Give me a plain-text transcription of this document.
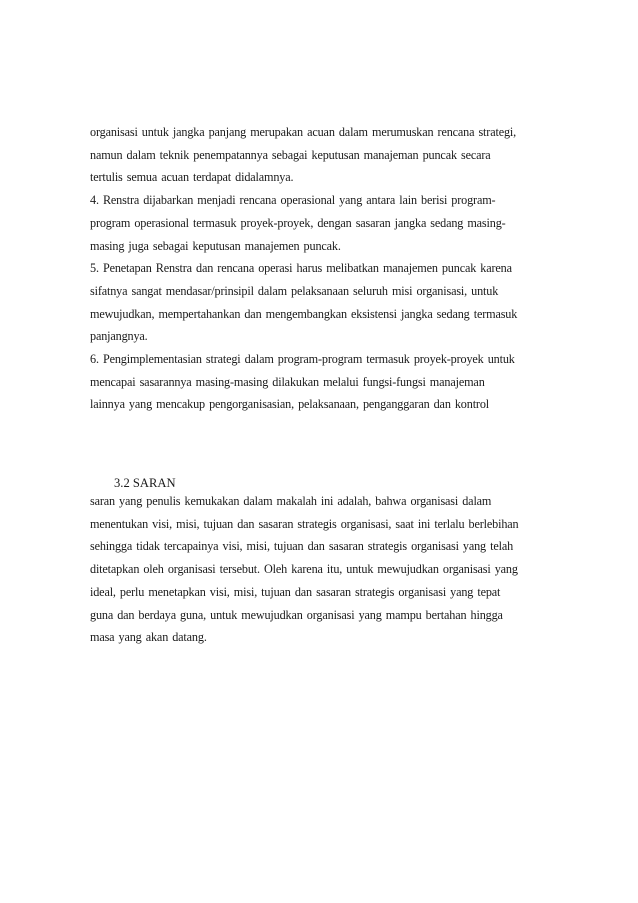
organisasi untuk jangka panjang merupakan acuan dalam merumuskan rencana strategi,
namun dalam teknik penempatannya sebagai keputusan manajeman puncak secara
tertulis semua acuan terdapat didalamnya.
4. Renstra dijabarkan menjadi rencana operasional yang antara lain berisi program-
program operasional termasuk proyek-proyek, dengan sasaran jangka sedang masing-
masing juga sebagai keputusan manajemen puncak.
5. Penetapan Renstra dan rencana operasi harus melibatkan manajemen puncak karena
sifatnya sangat mendasar/prinsipil dalam pelaksanaan seluruh misi organisasi, untuk
mewujudkan, mempertahankan dan mengembangkan eksistensi jangka sedang termasuk
panjangnya.
6. Pengimplementasian strategi dalam program-program termasuk proyek-proyek untuk
mencapai sasarannya masing-masing dilakukan melalui fungsi-fungsi manajeman
lainnya yang mencakup pengorganisasian, pelaksanaan, penganggaran dan kontrol
3.2 SARAN
saran yang penulis kemukakan dalam makalah ini adalah, bahwa organisasi dalam
menentukan visi, misi, tujuan dan sasaran strategis organisasi, saat ini terlalu berlebihan
sehingga tidak tercapainya visi, misi, tujuan dan sasaran strategis organisasi yang telah
ditetapkan oleh organisasi tersebut. Oleh karena itu, untuk mewujudkan organisasi yang
ideal, perlu menetapkan visi, misi, tujuan dan sasaran strategis organisasi yang tepat
guna dan berdaya guna, untuk mewujudkan organisasi yang mampu bertahan hingga
masa yang akan datang.
